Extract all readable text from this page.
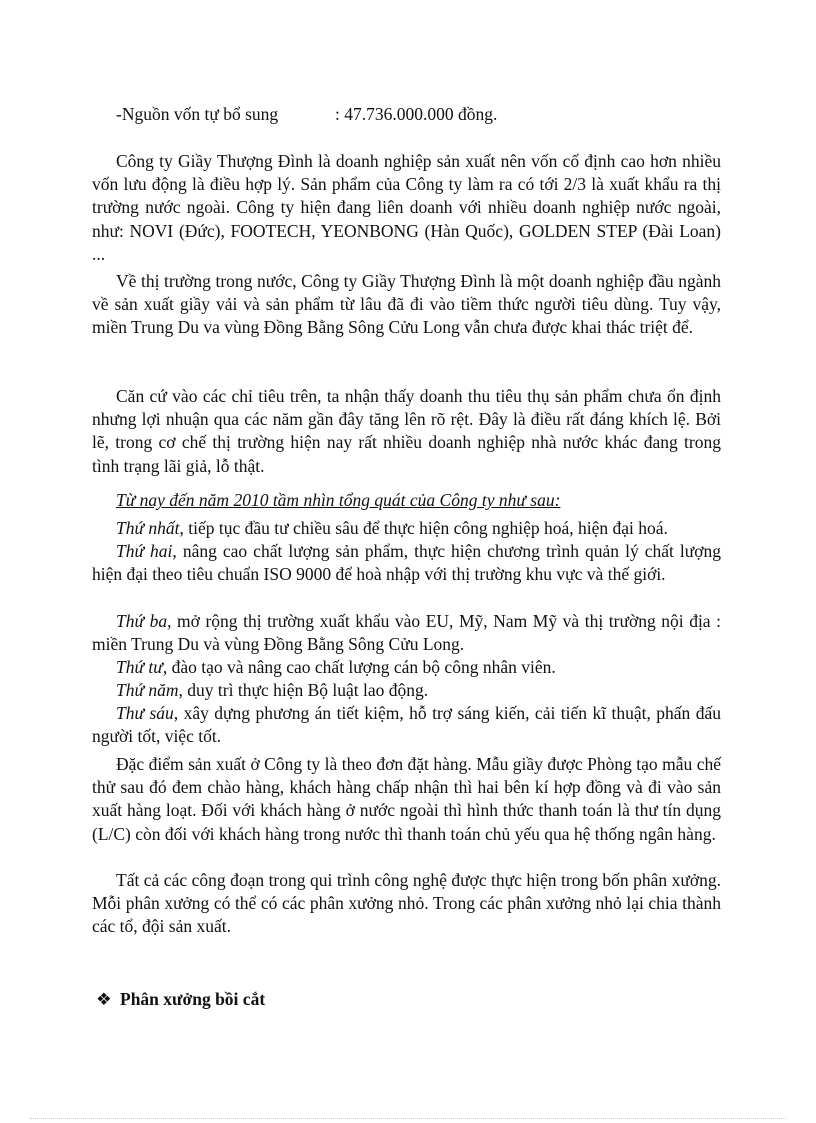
-Nguồn vốn tự bổ sung	: 47.736.000.000 đồng.

Công ty Giầy Thượng Đình là doanh nghiệp sản xuất nên vốn cố định cao hơn nhiều vốn lưu động là điều hợp lý. Sản phẩm của Công ty làm ra có tới 2/3 là xuất khẩu ra thị trường nước ngoài. Công ty hiện đang liên doanh với nhiều doanh nghiệp nước ngoài, như: NOVI (Đức), FOOTECH, YEONBONG (Hàn Quốc), GOLDEN STEP (Đài Loan) ...

Về thị trường trong nước, Công ty Giầy Thượng Đình là một doanh nghiệp đầu ngành về sản xuất giầy vải và sản phẩm từ lâu đã đi vào tiềm thức người tiêu dùng. Tuy vậy, miền Trung Du va vùng Đồng Bằng Sông Cửu Long vẫn chưa được khai thác triệt để.

Căn cứ vào các chỉ tiêu trên, ta nhận thấy doanh thu tiêu thụ sản phẩm chưa ổn định nhưng lợi nhuận qua các năm gần đây tăng lên rõ rệt. Đây là điều rất đáng khích lệ. Bởi lẽ, trong cơ chế thị trường hiện nay rất nhiều doanh nghiệp nhà nước khác đang trong tình trạng lãi giả, lỗ thật.

Từ nay đến năm 2010 tầm nhìn tổng quát của Công ty như sau:

Thứ nhất, tiếp tục đầu tư chiều sâu để thực hiện công nghiệp hoá, hiện đại hoá.

Thứ hai, nâng cao chất lượng sản phẩm, thực hiện chương trình quản lý chất lượng hiện đại theo tiêu chuẩn ISO 9000 để hoà nhập với thị trường khu vực và thế giới.

Thứ ba, mở rộng thị trường xuất khẩu vào EU, Mỹ, Nam Mỹ và thị trường nội địa : miền Trung Du và vùng Đồng Bằng Sông Cửu Long.

Thứ tư, đào tạo và nâng cao chất lượng cán bộ công nhân viên.

Thứ năm, duy trì thực hiện Bộ luật lao động.

Thư sáu, xây dựng phương án tiết kiệm, hỗ trợ sáng kiến, cải tiến kĩ thuật, phấn đấu người tốt, việc tốt.

Đặc điểm sản xuất ở Công ty là theo đơn đặt hàng. Mẫu giầy được Phòng tạo mẫu chế thử sau đó đem chào hàng, khách hàng chấp nhận thì hai bên kí hợp đồng và đi vào sản xuất hàng loạt. Đối với khách hàng ở nước ngoài thì hình thức thanh toán là thư tín dụng (L/C) còn đối với khách hàng trong nước thì thanh toán chủ yếu qua hệ thống ngân hàng.

Tất cả các công đoạn trong qui trình công nghệ được thực hiện trong bốn phân xưởng. Mỗi phân xưởng có thể có các phân xưởng nhỏ. Trong các phân xưởng nhỏ lại chia thành các tổ, đội sản xuất.

❖ Phân xưởng bồi cắt
